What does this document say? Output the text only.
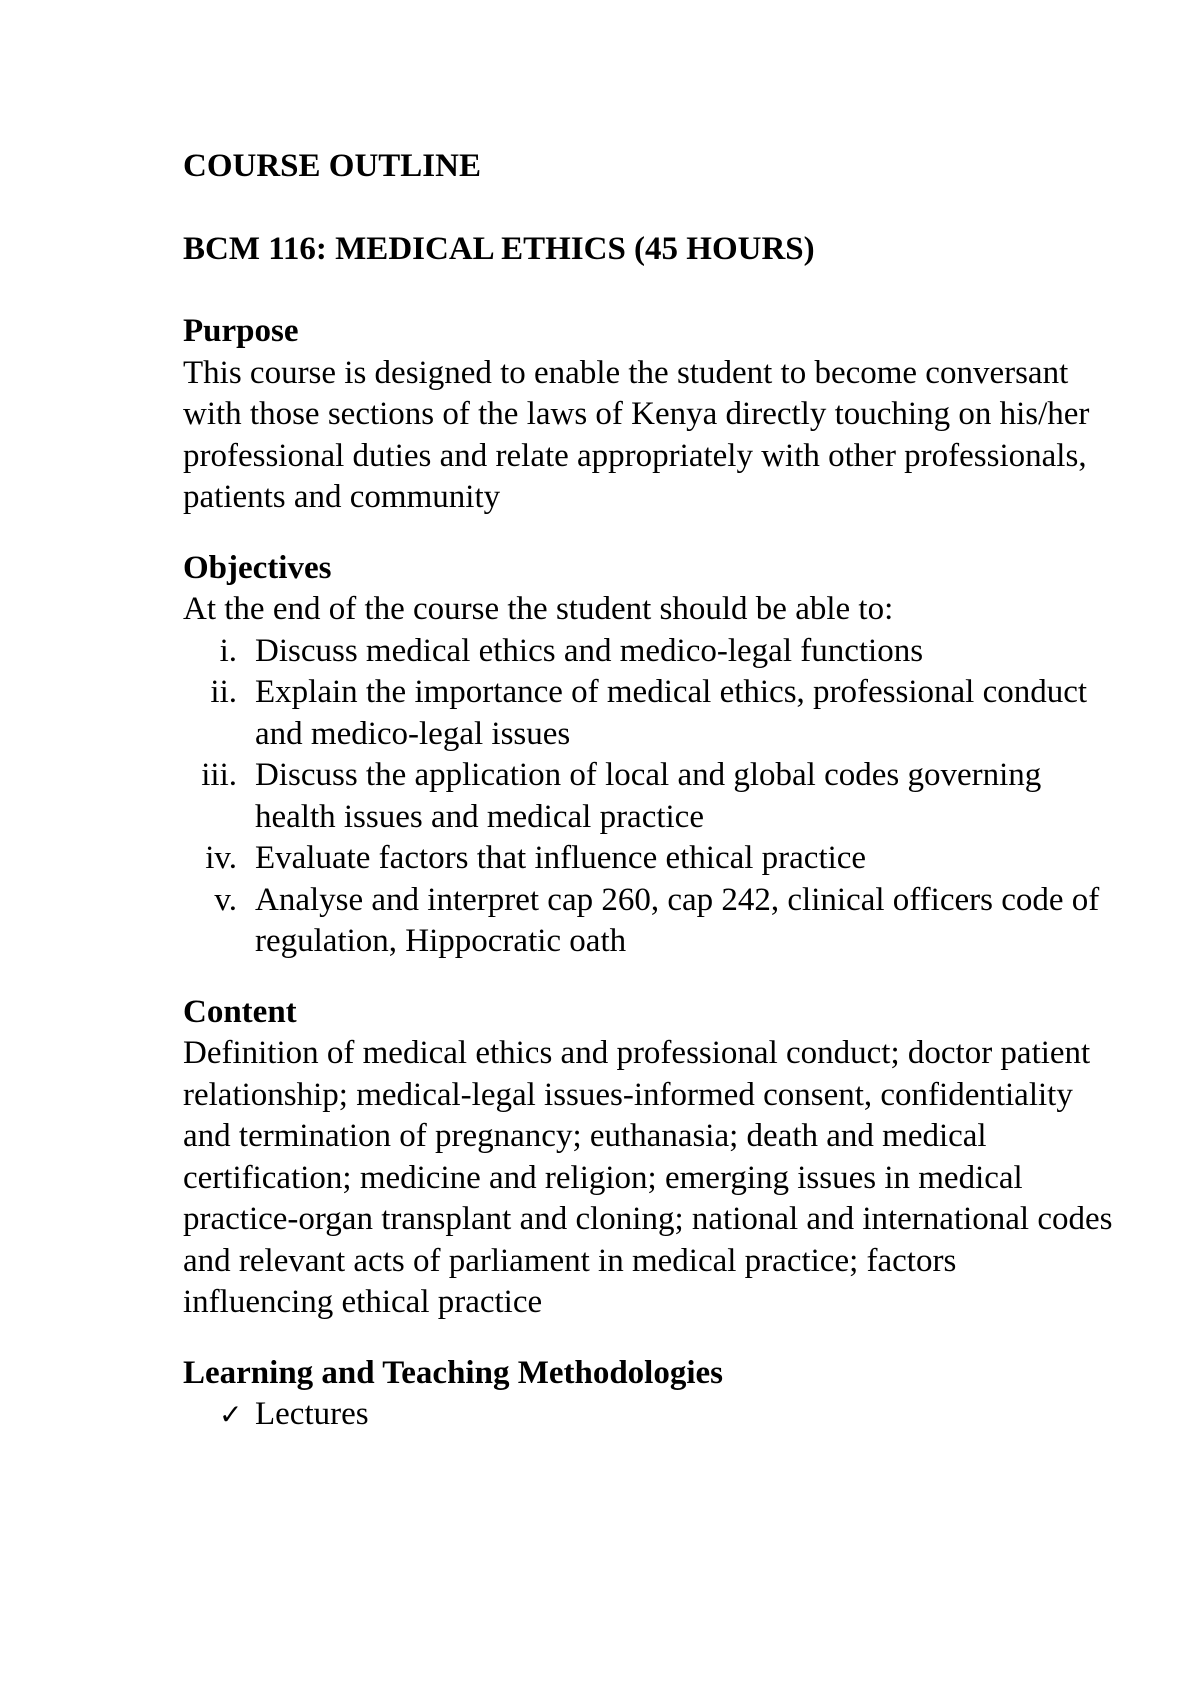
COURSE OUTLINE

BCM 116: MEDICAL ETHICS (45 HOURS)

Purpose

This course is designed to enable the student to become conversant with those sections of the laws of Kenya directly touching on his/her professional duties and relate appropriately with other professionals, patients and community

Objectives

At the end of the course the student should be able to:

i. Discuss medical ethics and medico-legal functions
ii. Explain the importance of medical ethics, professional conduct and medico-legal issues
iii. Discuss the application of local and global codes governing health issues and medical practice
iv. Evaluate factors that influence ethical practice
v. Analyse and interpret cap 260, cap 242, clinical officers code of regulation, Hippocratic oath

Content

Definition of medical ethics and professional conduct; doctor patient relationship; medical-legal issues-informed consent, confidentiality and termination of pregnancy; euthanasia; death and medical certification; medicine and religion; emerging issues in medical practice-organ transplant and cloning; national and international codes and relevant acts of parliament in medical practice; factors influencing ethical practice

Learning and Teaching Methodologies

✓ Lectures
